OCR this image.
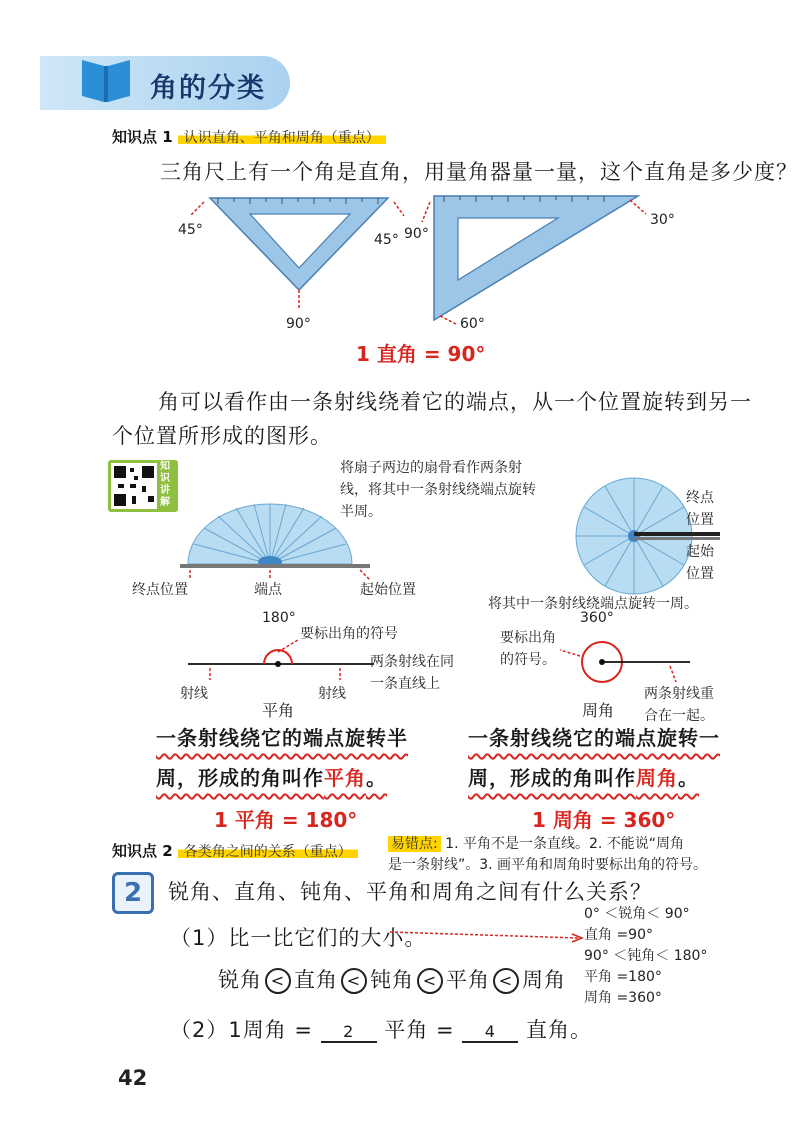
角的分类
知识点 1 认识直角、平角和周角（重点）
三角尺上有一个角是直角，用量角器量一量，这个直角是多少度？
45°
45°
90°
90°
30°
60°
1 直角 = 90°
角可以看作由一条射线绕着它的端点，从一个位置旋转到另一
个位置所形成的图形。
知识讲解
将扇子两边的扇骨看作两条射
线，将其中一条射线绕端点旋转
半周。
终点位置	端点	起始位置
终点
位置
起始
位置
将其中一条射线绕端点旋转一周。
180°
要标出角的符号
两条射线在同
一条直线上
射线	射线
平角
360°
要标出角
的符号。
周角
两条射线重
合在一起。
一条射线绕它的端点旋转半
周，形成的角叫作平角。
一条射线绕它的端点旋转一
周，形成的角叫作周角。
1 平角 = 180°	1 周角 = 360°
知识点 2 各类角之间的关系（重点）	易错点: 1. 平角不是一条直线。2. 不能说“周角
是一条射线”。3. 画平角和周角时要标出角的符号。
2	锐角、直角、钝角、平角和周角之间有什么关系？
（1）比一比它们的大小。
0° ＜锐角＜ 90°
直角 =90°
90° ＜钝角＜ 180°
平角 =180°
周角 =360°
锐角 < 直角 < 钝角 < 平角 < 周角
（2）1周角 = 2 平角 = 4 直角。
42
